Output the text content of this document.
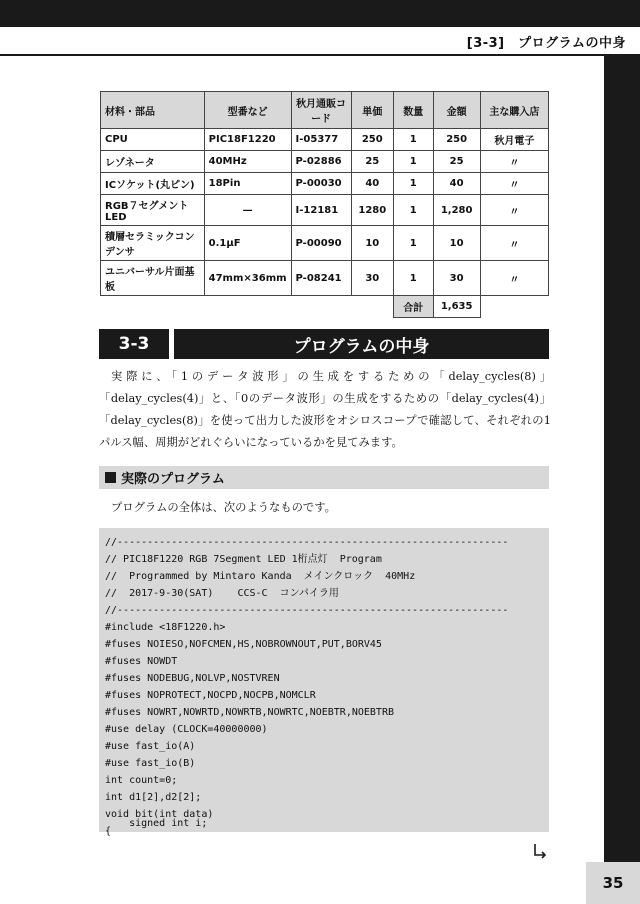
[3-3]　プログラムの中身
35
材料・部品	型番など	秋月通販コード	単価	数量	金額	主な購入店
CPU	PIC18F1220	I-05377	250	1	250	秋月電子
レゾネータ	40MHz	P-02886	25	1	25	〃
ICソケット(丸ピン)	18Pin	P-00030	40	1	40	〃
RGB７セグメントLED	—	I-12181	1280	1	1,280	〃
積層セラミックコンデンサ	0.1μF	P-00090	10	1	10	〃
ユニバーサル片面基板	47mm×36mm	P-08241	30	1	30	〃
				合計	1,635	
3-3	プログラムの中身

実際に、「1のデータ波形」の生成をするための「delay_cycles(8)」「delay_cycles(4)」と、「0のデータ波形」の生成をするための「delay_cycles(4)」「delay_cycles(8)」を使って出力した波形をオシロスコープで確認して、それぞれの1パルス幅、周期がどれぐらいになっているかを見てみます。

実際のプログラム
プログラムの全体は、次のようなものです。
//-----------------------------------------------------------------
// PIC18F1220 RGB 7Segment LED 1桁点灯  Program
//  Programmed by Mintaro Kanda  メインクロック  40MHz
//  2017-9-30(SAT)    CCS-C  コンパイラ用
//-----------------------------------------------------------------
#include <18F1220.h>
#fuses NOIESO,NOFCMEN,HS,NOBROWNOUT,PUT,BORV45
#fuses NOWDT
#fuses NODEBUG,NOLVP,NOSTVREN
#fuses NOPROTECT,NOCPD,NOCPB,NOMCLR
#fuses NOWRT,NOWRTD,NOWRTB,NOWRTC,NOEBTR,NOEBTRB
#use delay (CLOCK=40000000)
#use fast_io(A)
#use fast_io(B)
int count=0;
int d1[2],d2[2];
void bit(int data)
{
signed int i;
